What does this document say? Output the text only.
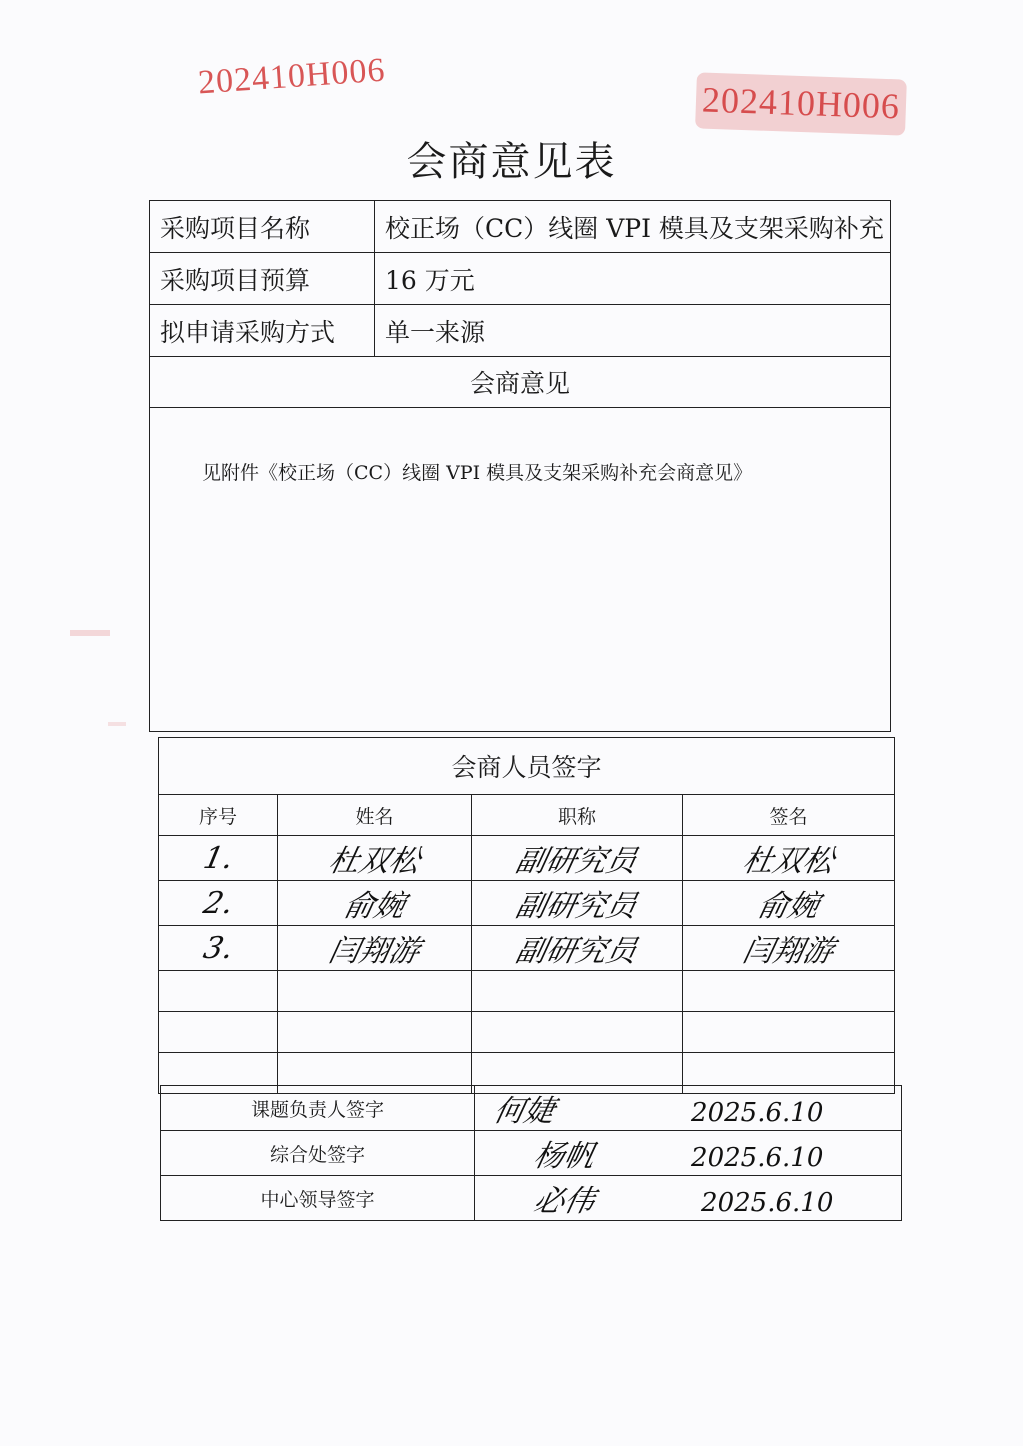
202410H006
202410H006
会商意见表
采购项目名称	校正场（CC）线圈 VPI 模具及支架采购补充
采购项目预算	16 万元
拟申请采购方式	单一来源
会商意见	

见附件《校正场（CC）线圈 VPI 模具及支架采购补充会商意见》	
会商人员签字			
序号	姓名	职称	签名
1.	杜双松	副研究员	杜双松
2.	俞婉	副研究员	俞婉
3.	闫翔游	副研究员	闫翔游

课题负责人签字	何婕 2025.6.10
综合处签字	杨帆 2025.6.10
中心领导签字	必伟 2025.6.10
